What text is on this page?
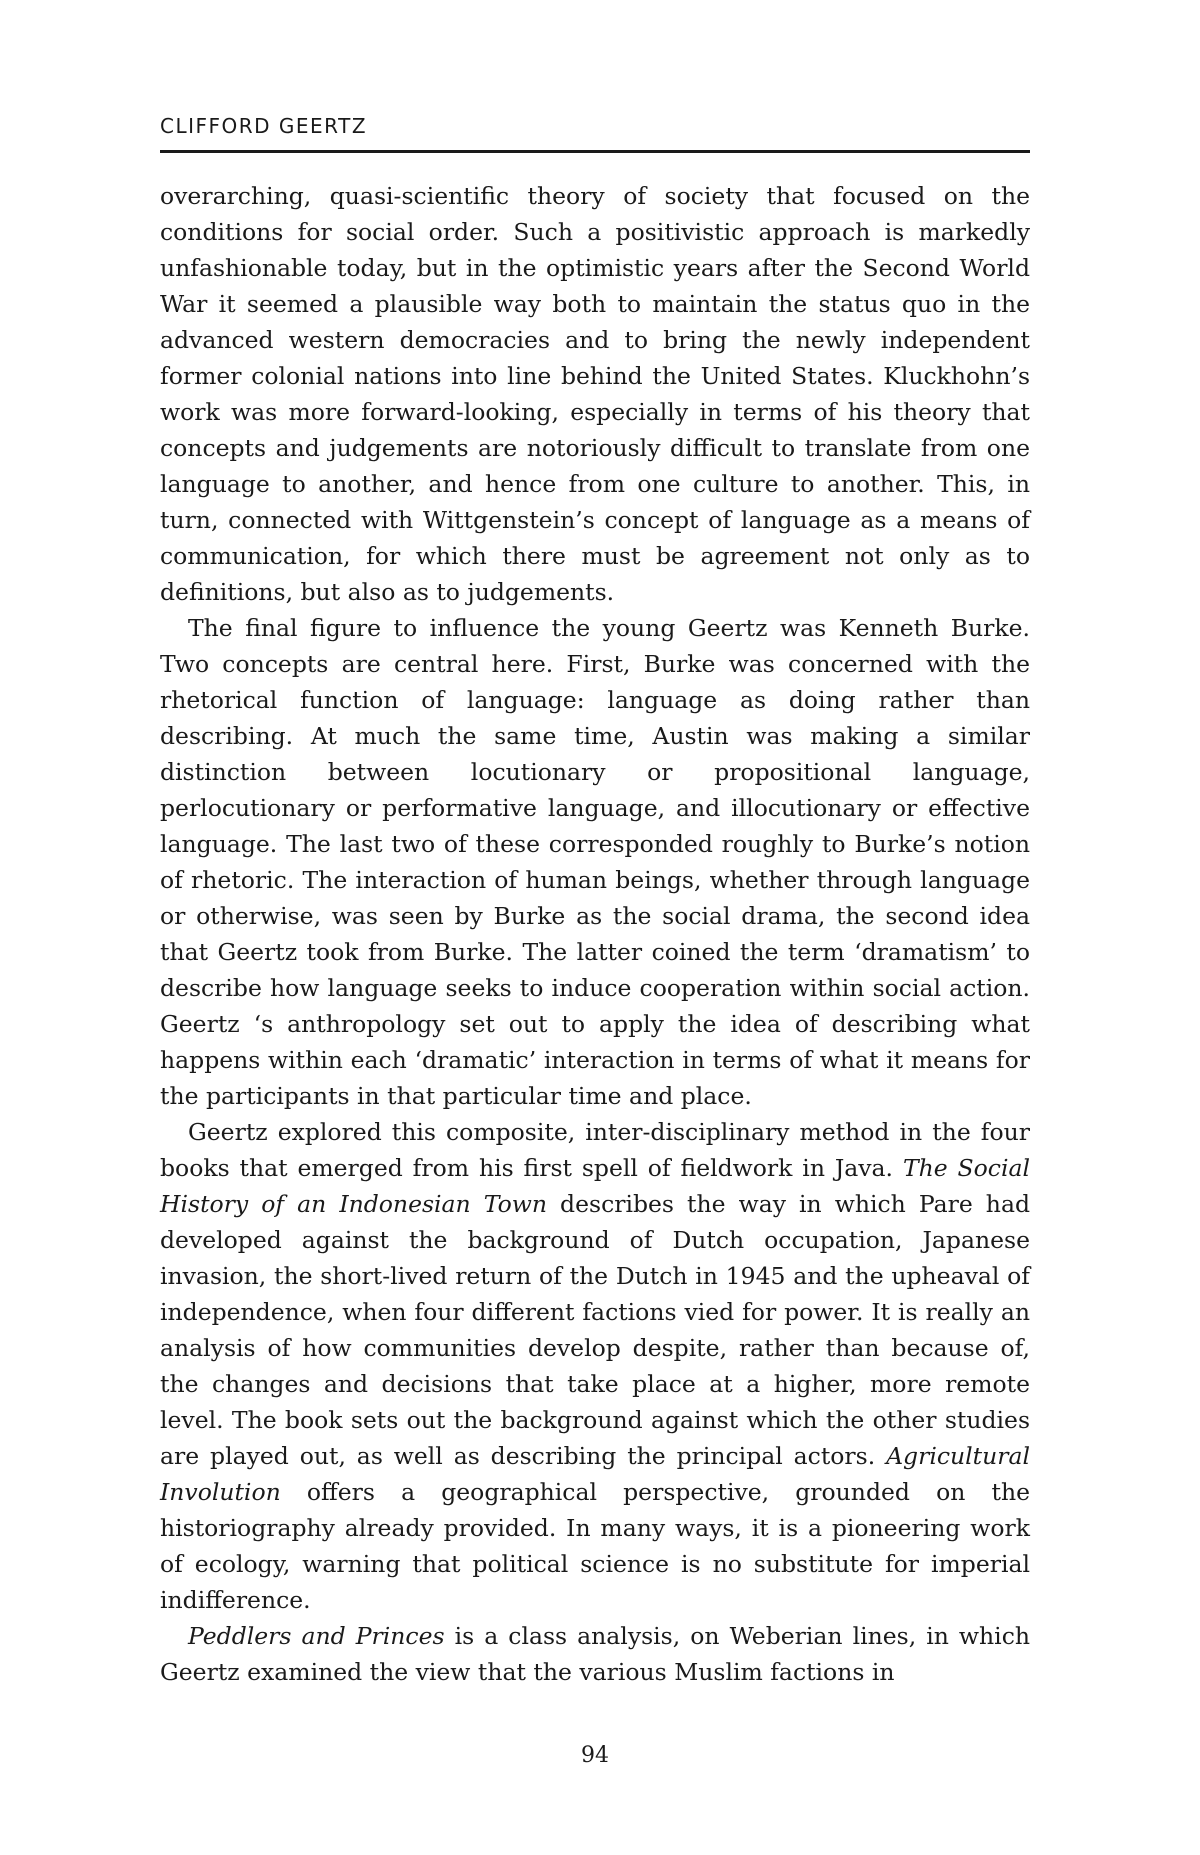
CLIFFORD GEERTZ

overarching, quasi-scientific theory of society that focused on the conditions for social order. Such a positivistic approach is markedly unfashionable today, but in the optimistic years after the Second World War it seemed a plausible way both to maintain the status quo in the advanced western democracies and to bring the newly independent former colonial nations into line behind the United States. Kluckhohn’s work was more forward-looking, especially in terms of his theory that concepts and judgements are notoriously difficult to translate from one language to another, and hence from one culture to another. This, in turn, connected with Wittgenstein’s concept of language as a means of communication, for which there must be agreement not only as to definitions, but also as to judgements.

The final figure to influence the young Geertz was Kenneth Burke. Two concepts are central here. First, Burke was concerned with the rhetorical function of language: language as doing rather than describing. At much the same time, Austin was making a similar distinction between locutionary or propositional language, perlocutionary or performative language, and illocutionary or effective language. The last two of these corresponded roughly to Burke’s notion of rhetoric. The interaction of human beings, whether through language or otherwise, was seen by Burke as the social drama, the second idea that Geertz took from Burke. The latter coined the term ‘dramatism’ to describe how language seeks to induce cooperation within social action. Geertz ‘s anthropology set out to apply the idea of describing what happens within each ‘dramatic’ interaction in terms of what it means for the participants in that particular time and place.

Geertz explored this composite, inter-disciplinary method in the four books that emerged from his first spell of fieldwork in Java. The Social History of an Indonesian Town describes the way in which Pare had developed against the background of Dutch occupation, Japanese invasion, the short-lived return of the Dutch in 1945 and the upheaval of independence, when four different factions vied for power. It is really an analysis of how communities develop despite, rather than because of, the changes and decisions that take place at a higher, more remote level. The book sets out the background against which the other studies are played out, as well as describing the principal actors. Agricultural Involution offers a geographical perspective, grounded on the historiography already provided. In many ways, it is a pioneering work of ecology, warning that political science is no substitute for imperial indifference.

Peddlers and Princes is a class analysis, on Weberian lines, in which Geertz examined the view that the various Muslim factions in

94
